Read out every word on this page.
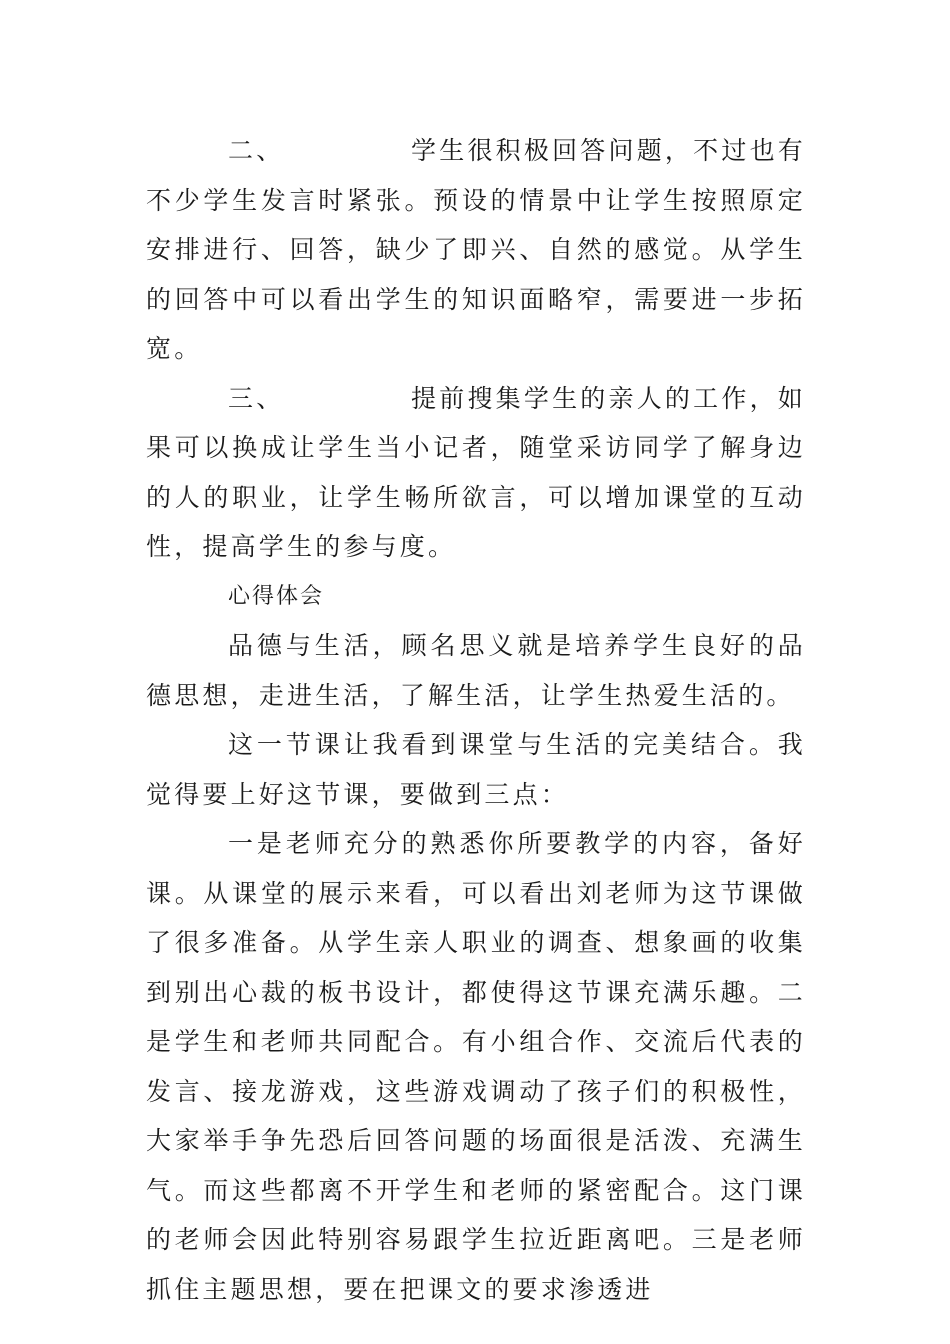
二、	学生很积极回答问题，不过也有不少学生发言时紧张。预设的情景中让学生按照原定安排进行、回答，缺少了即兴、自然的感觉。从学生的回答中可以看出学生的知识面略窄，需要进一步拓宽。

三、	提前搜集学生的亲人的工作，如果可以换成让学生当小记者，随堂采访同学了解身边的人的职业，让学生畅所欲言，可以增加课堂的互动性，提高学生的参与度。

心得体会

品德与生活，顾名思义就是培养学生良好的品德思想，走进生活，了解生活，让学生热爱生活的。

这一节课让我看到课堂与生活的完美结合。我觉得要上好这节课，要做到三点：

一是老师充分的熟悉你所要教学的内容，备好课。从课堂的展示来看，可以看出刘老师为这节课做了很多准备。从学生亲人职业的调查、想象画的收集到别出心裁的板书设计，都使得这节课充满乐趣。二是学生和老师共同配合。有小组合作、交流后代表的发言、接龙游戏，这些游戏调动了孩子们的积极性，大家举手争先恐后回答问题的场面很是活泼、充满生气。而这些都离不开学生和老师的紧密配合。这门课的老师会因此特别容易跟学生拉近距离吧。三是老师抓住主题思想，要在把课文的要求渗透进
